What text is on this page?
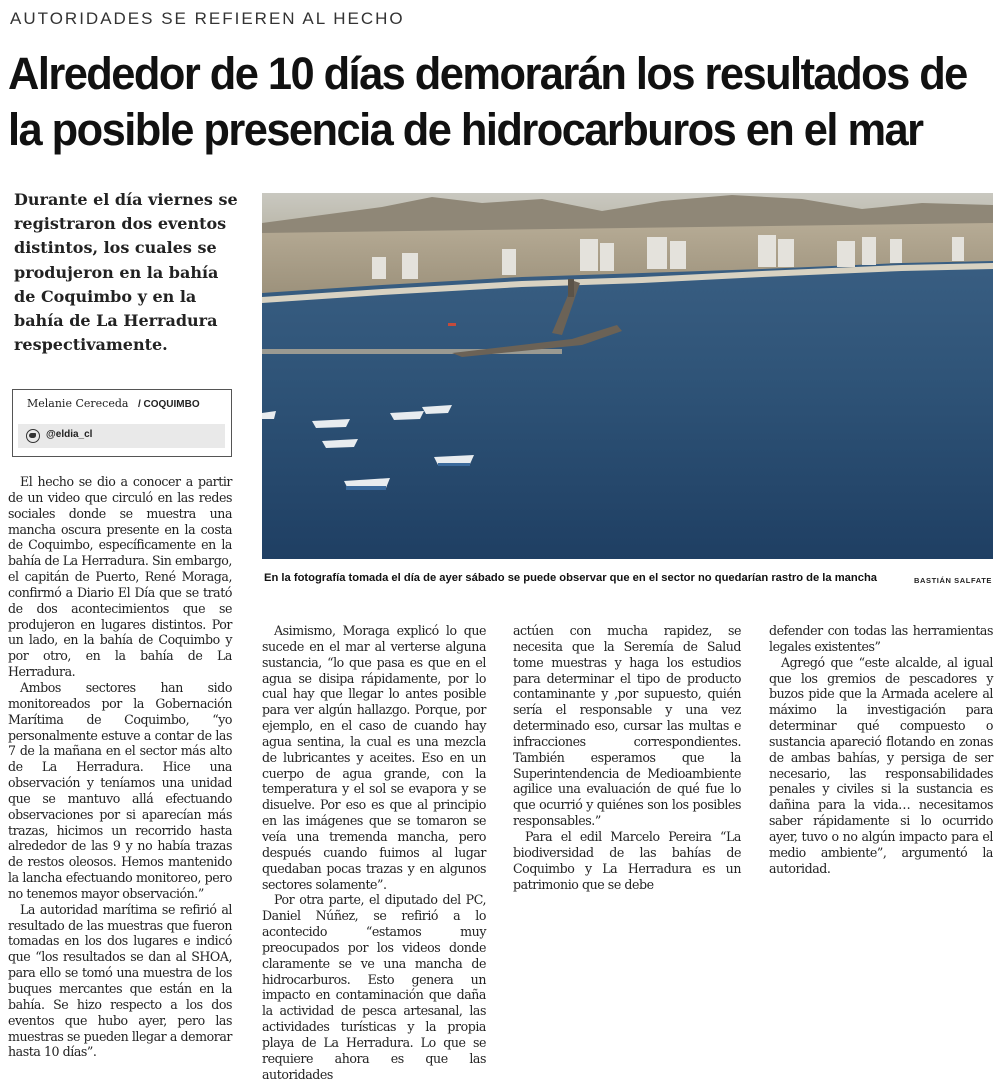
AUTORIDADES SE REFIEREN AL HECHO
Alrededor de 10 días demorarán los resultados de
la posible presencia de hidrocarburos en el mar
Durante el día viernes se registraron dos eventos distintos, los cuales se produjeron en la bahía de Coquimbo y en la bahía de La Herradura respectivamente.
Melanie Cereceda / COQUIMBO
@eldia_cl
En la fotografía tomada el día de ayer sábado se puede observar que en el sector no quedarían rastro de la mancha	BASTIÁN SALFATE

El hecho se dio a conocer a partir de un video que circuló en las redes sociales donde se muestra una mancha oscura presente en la costa de Coquimbo, específicamente en la bahía de La Herradura. Sin embargo, el capitán de Puerto, René Moraga, confirmó a Diario El Día que se trató de dos acontecimientos que se produjeron en lugares distintos. Por un lado, en la bahía de Coquimbo y por otro, en la bahía de La Herradura.

Ambos sectores han sido monitoreados por la Gobernación Marítima de Coquimbo, “yo personalmente estuve a contar de las 7 de la mañana en el sector más alto de La Herradura. Hice una observación y teníamos una unidad que se mantuvo allá efectuando observaciones por si aparecían más trazas, hicimos un recorrido hasta alrededor de las 9 y no había trazas de restos oleosos. Hemos mantenido la lancha efectuando monitoreo, pero no tenemos mayor observación.”

La autoridad marítima se refirió al resultado de las muestras que fueron tomadas en los dos lugares e indicó que “los resultados se dan al SHOA, para ello se tomó una muestra de los buques mercantes que están en la bahía. Se hizo respecto a los dos eventos que hubo ayer, pero las muestras se pueden llegar a demorar hasta 10 días”.

Asimismo, Moraga explicó lo que sucede en el mar al verterse alguna sustancia, “lo que pasa es que en el agua se disipa rápidamente, por lo cual hay que llegar lo antes posible para ver algún hallazgo. Porque, por ejemplo, en el caso de cuando hay agua sentina, la cual es una mezcla de lubricantes y aceites. Eso en un cuerpo de agua grande, con la temperatura y el sol se evapora y se disuelve. Por eso es que al principio en las imágenes que se tomaron se veía una tremenda mancha, pero después cuando fuimos al lugar quedaban pocas trazas y en algunos sectores solamente”.

Por otra parte, el diputado del PC, Daniel Núñez, se refirió a lo acontecido “estamos muy preocupados por los videos donde claramente se ve una mancha de hidrocarburos. Esto genera un impacto en contaminación que daña la actividad de pesca artesanal, las actividades turísticas y la propia playa de La Herradura. Lo que se requiere ahora es que las autoridades

actúen con mucha rapidez, se necesita que la Seremía de Salud tome muestras y haga los estudios para determinar el tipo de producto contaminante y ,por supuesto, quién sería el responsable y una vez determinado eso, cursar las multas e infracciones correspondientes. También esperamos que la Superintendencia de Medioambiente agilice una evaluación de qué fue lo que ocurrió y quiénes son los posibles responsables.”

Para el edil Marcelo Pereira “La biodiversidad de las bahías de Coquimbo y La Herradura es un patrimonio que se debe

defender con todas las herramientas legales existentes”

Agregó que “este alcalde, al igual que los gremios de pescadores y buzos pide que la Armada acelere al máximo la investigación para determinar qué compuesto o sustancia apareció flotando en zonas de ambas bahías, y persiga de ser necesario, las responsabilidades penales y civiles si la sustancia es dañina para la vida… necesitamos saber rápidamente si lo ocurrido ayer, tuvo o no algún impacto para el medio ambiente”, argumentó la autoridad.
